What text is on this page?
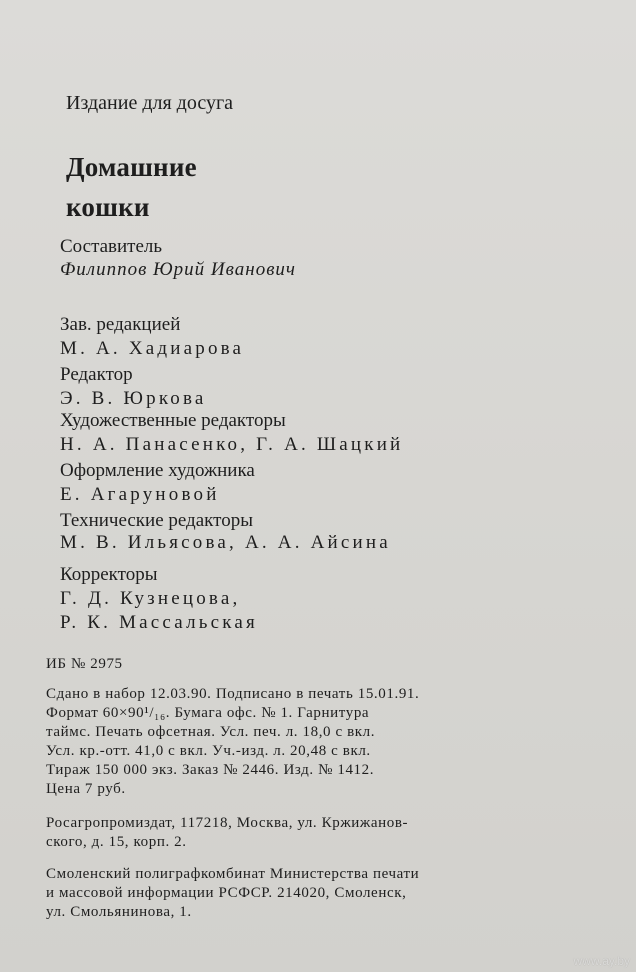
Издание для досуга
Домашние
кошки
Составитель
Филиппов Юрий Иванович
Зав. редакцией
М. А. Хадиарова
Редактор
Э. В. Юркова
Художественные редакторы
Н. А. Панасенко, Г. А. Шацкий
Оформление художника
Е. Агаруновой
Технические редакторы
М. В. Ильясова, А. А. Айсина
Корректоры
Г. Д. Кузнецова,
Р. К. Массальская
ИБ № 2975
Сдано в набор 12.03.90. Подписано в печать 15.01.91.
Формат 60×90¹/₁₆. Бумага офс. № 1. Гарнитура
таймс. Печать офсетная. Усл. печ. л. 18,0 с вкл.
Усл. кр.-отт. 41,0 с вкл. Уч.-изд. л. 20,48 с вкл.
Тираж 150 000 экз. Заказ № 2446. Изд. № 1412.
Цена 7 руб.
Росагропромиздат, 117218, Москва, ул. Кржижанов-
ского, д. 15, корп. 2.
Смоленский полиграфкомбинат Министерства печати
и массовой информации РСФСР. 214020, Смоленск,
ул. Смольянинова, 1.
www.ay.by
